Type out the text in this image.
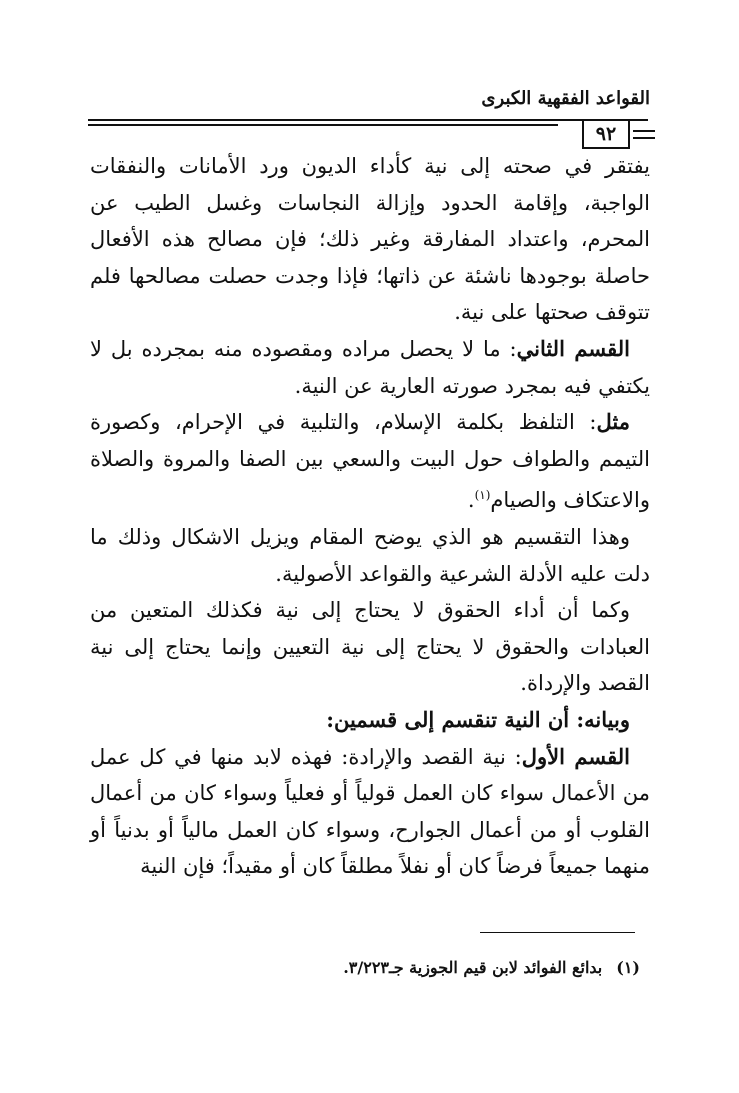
القواعد الفقهية الكبرى
٩٢

يفتقر في صحته إلى نية كأداء الديون ورد الأمانات والنفقات الواجبة، وإقامة الحدود وإزالة النجاسات وغسل الطيب عن المحرم، واعتداد المفارقة وغير ذلك؛ فإن مصالح هذه الأفعال حاصلة بوجودها ناشئة عن ذاتها؛ فإذا وجدت حصلت مصالحها فلم تتوقف صحتها على نية.

القسم الثاني: ما لا يحصل مراده ومقصوده منه بمجرده بل لا يكتفي فيه بمجرد صورته العارية عن النية.

مثل: التلفظ بكلمة الإسلام، والتلبية في الإحرام، وكصورة التيمم والطواف حول البيت والسعي بين الصفا والمروة والصلاة والاعتكاف والصيام$^{(١)}$.

وهذا التقسيم هو الذي يوضح المقام ويزيل الاشكال وذلك ما دلت عليه الأدلة الشرعية والقواعد الأصولية.

وكما أن أداء الحقوق لا يحتاج إلى نية فكذلك المتعين من العبادات والحقوق لا يحتاج إلى نية التعيين وإنما يحتاج إلى نية القصد والإرداة.

وبيانه: أن النية تنقسم إلى قسمين:

القسم الأول: نية القصد والإرادة: فهذه لابد منها في كل عمل من الأعمال سواء كان العمل قولياً أو فعلياً وسواء كان من أعمال القلوب أو من أعمال الجوارح، وسواء كان العمل مالياً أو بدنياً أو منهما جميعاً فرضاً كان أو نفلاً مطلقاً كان أو مقيداً؛ فإن النية

(١)بدائع الفوائد لابن قيم الجوزية جـ٣/٢٢٣.
